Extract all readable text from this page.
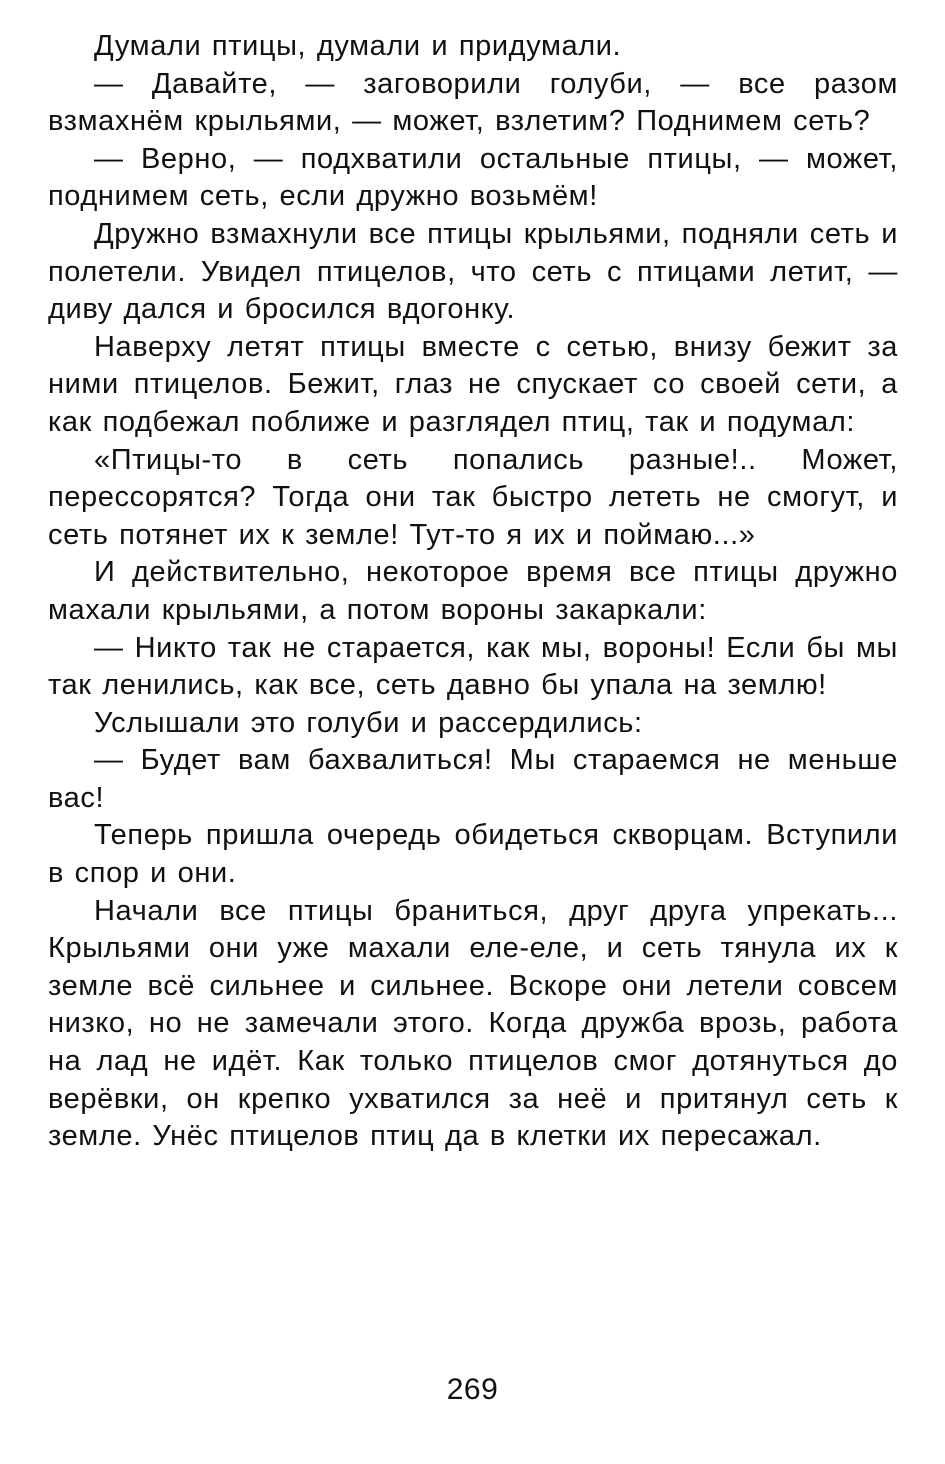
Думали птицы, думали и придумали.

— Давайте, — заговорили голуби, — все разом взмахнём крыльями, — может, взлетим? Поднимем сеть?

— Верно, — подхватили остальные птицы, — может, поднимем сеть, если дружно возьмём!

Дружно взмахнули все птицы крыльями, подняли сеть и полетели. Увидел птицелов, что сеть с птицами летит, — диву дался и бросился вдогонку.

Наверху летят птицы вместе с сетью, внизу бежит за ними птицелов. Бежит, глаз не спускает со своей сети, а как подбежал поближе и разглядел птиц, так и подумал:

«Птицы-то в сеть попались разные!.. Может, перессорятся? Тогда они так быстро лететь не смогут, и сеть потянет их к земле! Тут-то я их и поймаю...»

И действительно, некоторое время все птицы дружно махали крыльями, а потом вороны закаркали:

— Никто так не старается, как мы, вороны! Если бы мы так ленились, как все, сеть давно бы упала на землю!

Услышали это голуби и рассердились:

— Будет вам бахвалиться! Мы стараемся не меньше вас!

Теперь пришла очередь обидеться скворцам. Вступили в спор и они.

Начали все птицы браниться, друг друга упрекать... Крыльями они уже махали еле-еле, и сеть тянула их к земле всё сильнее и сильнее. Вскоре они летели совсем низко, но не замечали этого. Когда дружба врозь, работа на лад не идёт. Как только птицелов смог дотянуться до верёвки, он крепко ухватился за неё и притянул сеть к земле. Унёс птицелов птиц да в клетки их пересажал.

269
